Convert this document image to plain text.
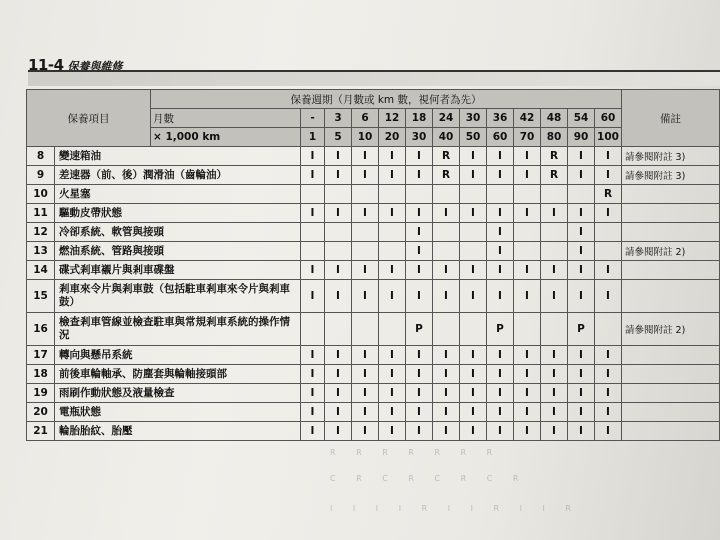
11-4 保養與維修
保養項目		保養週期（月數或 km 數，視何者為先）													備註
		月數	-	3	6	12	18	24	30	36	42	48	54	60	
		× 1,000 km	1	5	10	20	30	40	50	60	70	80	90	100	
8	變速箱油		I	I	I	I	I	R	I	I	I	R	I	I	請參閱附註 3)
9	差速器（前、後）潤滑油（齒輪油）		I	I	I	I	I	R	I	I	I	R	I	I	請參閱附註 3)
10	火星塞													R	
11	驅動皮帶狀態		I	I	I	I	I	I	I	I	I	I	I	I	
12	冷卻系統、軟管與接頭						I			I			I		
13	燃油系統、管路與接頭						I			I			I		請參閱附註 2)
14	碟式剎車襯片與剎車碟盤		I	I	I	I	I	I	I	I	I	I	I	I	
15	剎車來令片與剎車鼓（包括駐車剎車來令片與剎車鼓）		I	I	I	I	I	I	I	I	I	I	I	I	
16	檢查剎車管線並檢查駐車與常規剎車系統的操作情況						P			P			P		請參閱附註 2)
17	轉向與懸吊系統		I	I	I	I	I	I	I	I	I	I	I	I	
18	前後車輪軸承、防塵套與輪軸接頭部		I	I	I	I	I	I	I	I	I	I	I	I	
19	雨刷作動狀態及液量檢查		I	I	I	I	I	I	I	I	I	I	I	I	
20	電瓶狀態		I	I	I	I	I	I	I	I	I	I	I	I	
21	輪胎胎紋、胎壓		I	I	I	I	I	I	I	I	I	I	I	I	
R R R R R R R
C R C R C R C R
I I I I R I I R I I R
